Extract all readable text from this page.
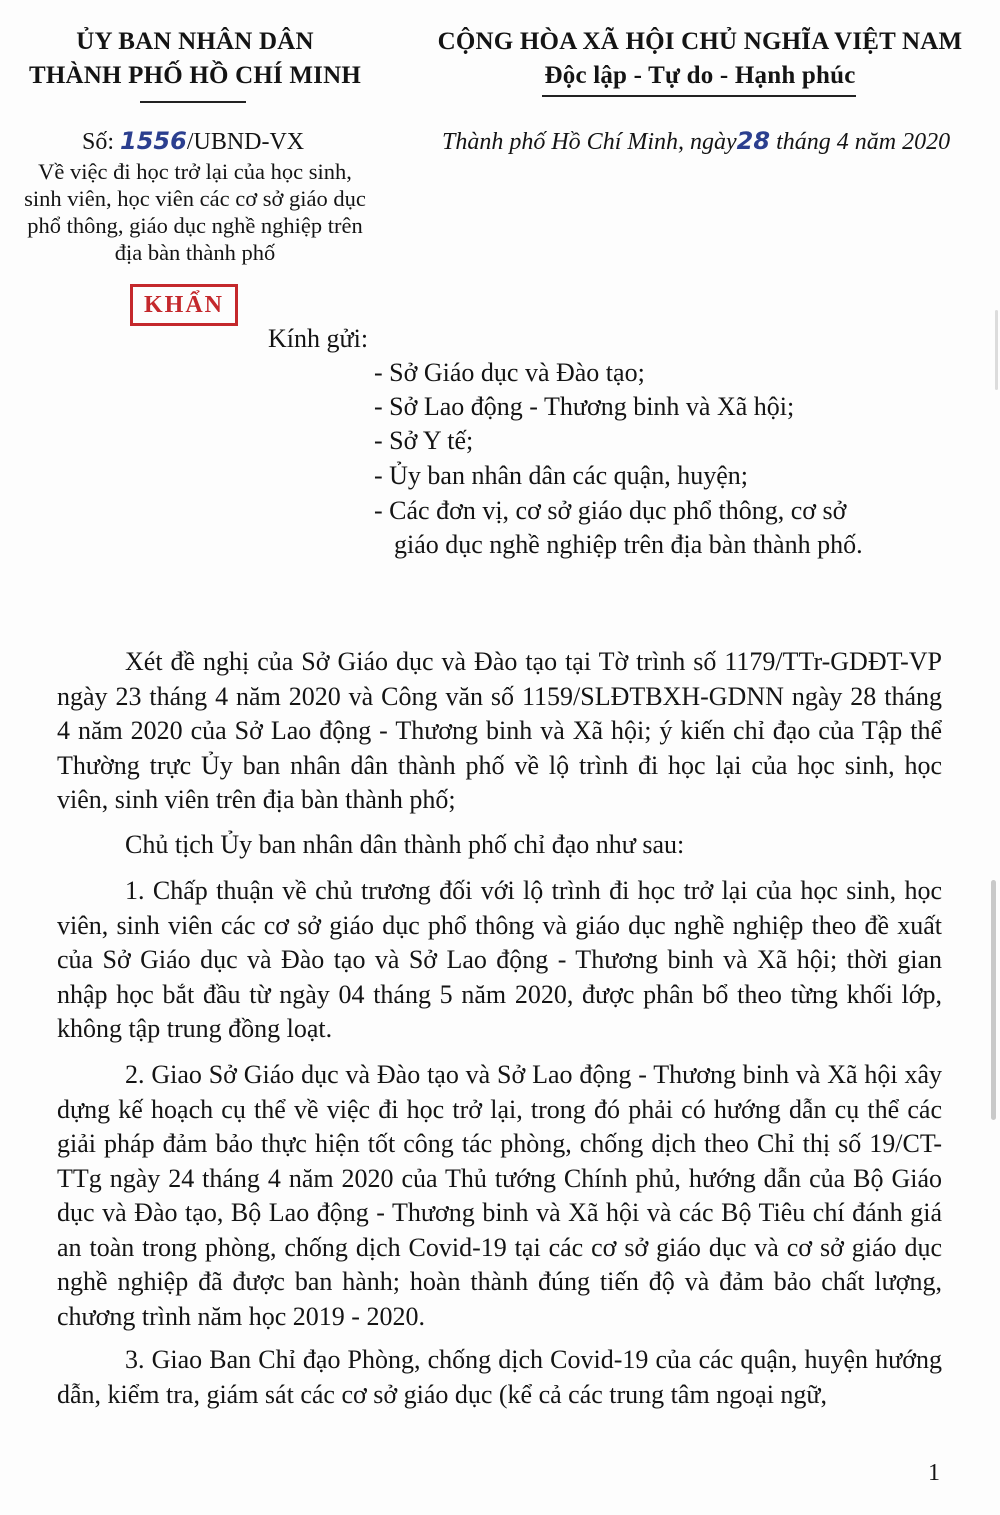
ỦY BAN NHÂN DÂN
THÀNH PHỐ HỒ CHÍ MINH
CỘNG HÒA XÃ HỘI CHỦ NGHĨA VIỆT NAM
Độc lập - Tự do - Hạnh phúc
Số: 1556/UBND-VX	Thành phố Hồ Chí Minh, ngày28 tháng 4 năm 2020
Về việc đi học trở lại của học sinh,
sinh viên, học viên các cơ sở giáo dục
phổ thông, giáo dục nghề nghiệp trên
địa bàn thành phố
KHẨN
Kính gửi:
- Sở Giáo dục và Đào tạo;
- Sở Lao động - Thương binh và Xã hội;
- Sở Y tế;
- Ủy ban nhân dân các quận, huyện;
- Các đơn vị, cơ sở giáo dục phổ thông, cơ sở
giáo dục nghề nghiệp trên địa bàn thành phố.
Xét đề nghị của Sở Giáo dục và Đào tạo tại Tờ trình số 1179/TTr-GDĐT-VP ngày 23 tháng 4 năm 2020 và Công văn số 1159/SLĐTBXH-GDNN ngày 28 tháng 4 năm 2020 của Sở Lao động - Thương binh và Xã hội; ý kiến chỉ đạo của Tập thể Thường trực Ủy ban nhân dân thành phố về lộ trình đi học lại của học sinh, học viên, sinh viên trên địa bàn thành phố;
Chủ tịch Ủy ban nhân dân thành phố chỉ đạo như sau:
1. Chấp thuận về chủ trương đối với lộ trình đi học trở lại của học sinh, học viên, sinh viên các cơ sở giáo dục phổ thông và giáo dục nghề nghiệp theo đề xuất của Sở Giáo dục và Đào tạo và Sở Lao động - Thương binh và Xã hội; thời gian nhập học bắt đầu từ ngày 04 tháng 5 năm 2020, được phân bổ theo từng khối lớp, không tập trung đồng loạt.
2. Giao Sở Giáo dục và Đào tạo và Sở Lao động - Thương binh và Xã hội xây dựng kế hoạch cụ thể về việc đi học trở lại, trong đó phải có hướng dẫn cụ thể các giải pháp đảm bảo thực hiện tốt công tác phòng, chống dịch theo Chỉ thị số 19/CT-TTg ngày 24 tháng 4 năm 2020 của Thủ tướng Chính phủ, hướng dẫn của Bộ Giáo dục và Đào tạo, Bộ Lao động - Thương binh và Xã hội và các Bộ Tiêu chí đánh giá an toàn trong phòng, chống dịch Covid-19 tại các cơ sở giáo dục và cơ sở giáo dục nghề nghiệp đã được ban hành; hoàn thành đúng tiến độ và đảm bảo chất lượng, chương trình năm học 2019 - 2020.
3. Giao Ban Chỉ đạo Phòng, chống dịch Covid-19 của các quận, huyện hướng dẫn, kiểm tra, giám sát các cơ sở giáo dục (kể cả các trung tâm ngoại ngữ,
1
